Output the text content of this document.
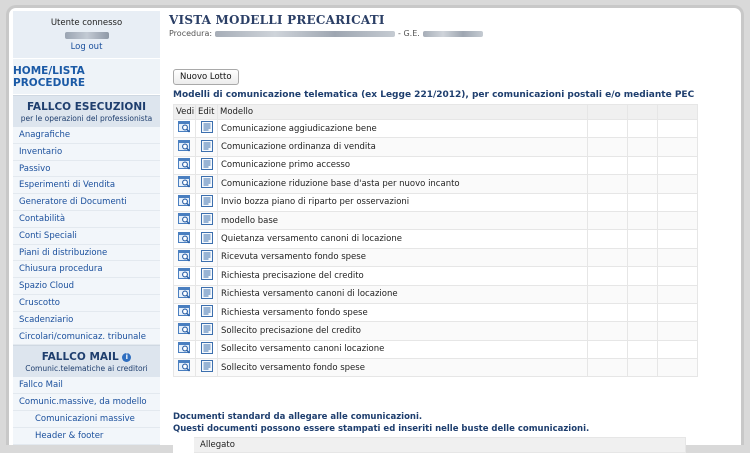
Utente connesso
Log out
HOME/LISTA PROCEDURE
FALLCO ESECUZIONI
per le operazioni del professionista
Anagrafiche
Inventario
Passivo
Esperimenti di Vendita
Generatore di Documenti
Contabilità
Conti Speciali
Piani di distribuzione
Chiusura procedura
Spazio Cloud
Cruscotto
Scadenziario
Circolari/comunicaz. tribunale
FALLCO MAIL i
Comunic.telematiche ai creditori
Fallco Mail
Comunic.massive, da modello
Comunicazioni massive
Header & footer
VISTA MODELLI PRECARICATI
Procedura:	- G.E.
Nuovo Lotto
Modelli di comunicazione telematica (ex Legge 221/2012), per comunicazioni postali e/o mediante PEC
Vedi	Edit	Modello			
		Comunicazione aggiudicazione bene			
		Comunicazione ordinanza di vendita			
		Comunicazione primo accesso			
		Comunicazione riduzione base d'asta per nuovo incanto			
		Invio bozza piano di riparto per osservazioni			
		modello base			
		Quietanza versamento canoni di locazione			
		Ricevuta versamento fondo spese			
		Richiesta precisazione del credito			
		Richiesta versamento canoni di locazione			
		Richiesta versamento fondo spese			
		Sollecito precisazione del credito			
		Sollecito versamento canoni locazione			
		Sollecito versamento fondo spese			
Documenti standard da allegare alle comunicazioni.
Questi documenti possono essere stampati ed inseriti nelle buste delle comunicazioni.
	Allegato
